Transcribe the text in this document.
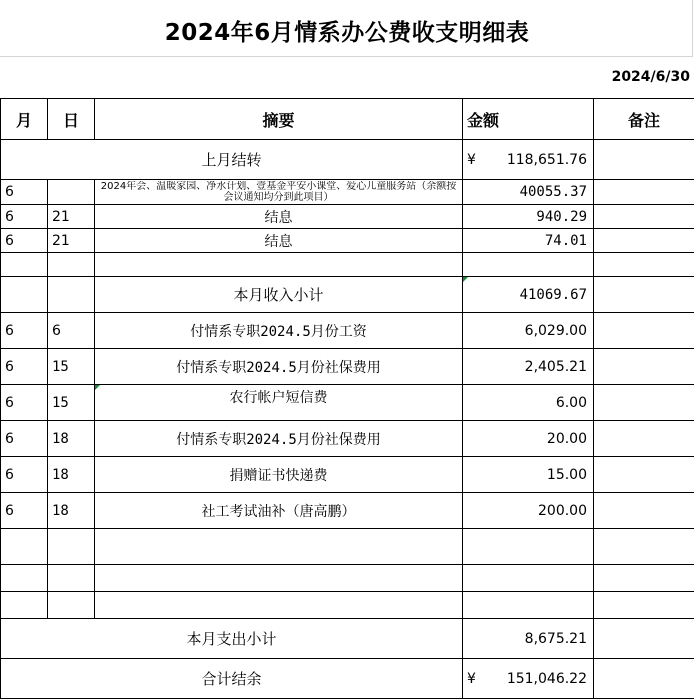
2024年6月情系办公费收支明细表
2024/6/30
月	日	摘要	金额	备注
上月结转			¥ 118,651.76	

6		2024年会、温暖家园、净水计划、壹基金平安小课堂、爱心儿童服务站（余额按会议通知均分到此项目）	40055.37	
6	21	结息	940.29	
6	21	结息	74.01	

		本月收入小计	41069.67	
6	6	付情系专职2024.5月份工资	6,029.00	
6	15	付情系专职2024.5月份社保费用	2,405.21	
6	15	农行帐户短信费	6.00	
6	18	付情系专职2024.5月份社保费用	20.00	
6	18	捐赠证书快递费	15.00	
6	18	社工考试油补（唐高鹏）	200.00	

本月支出小计			8,675.21	
合计结余			¥ 151,046.22	
